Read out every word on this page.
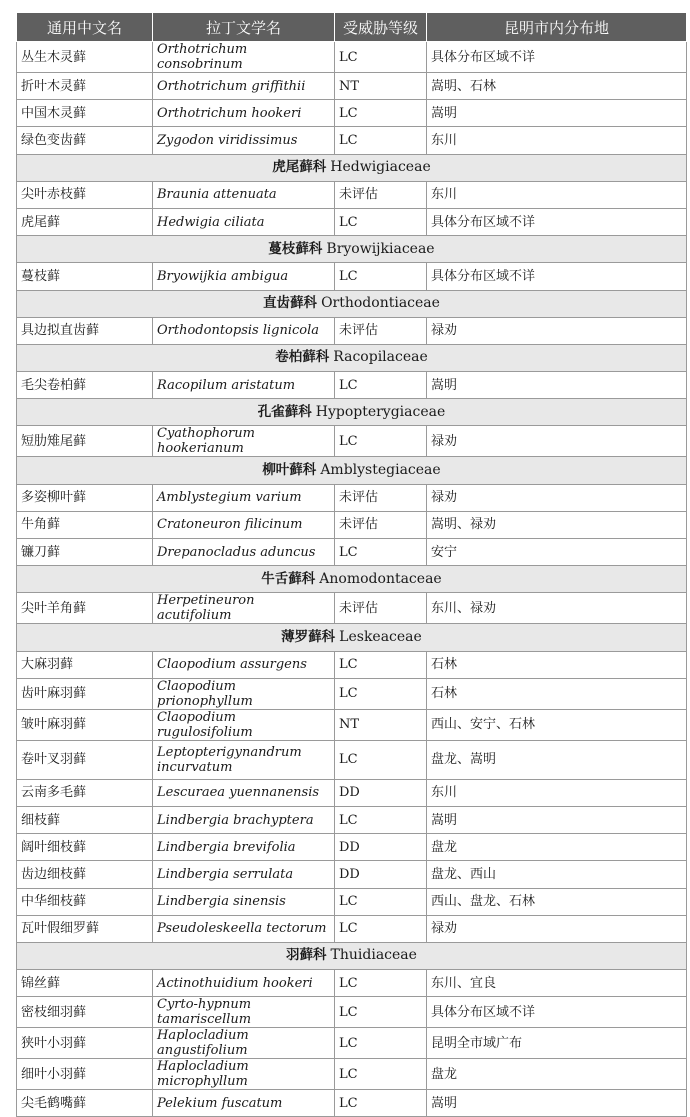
通用中文名	拉丁文学名	受威胁等级	昆明市内分布地
丛生木灵藓	Orthotrichum consobrinum	LC	具体分布区域不详
折叶木灵藓	Orthotrichum griffithii	NT	嵩明、石林
中国木灵藓	Orthotrichum hookeri	LC	嵩明
绿色变齿藓	Zygodon viridissimus	LC	东川
虎尾藓科 Hedwigiaceae			
尖叶赤枝藓	Braunia attenuata	未评估	东川
虎尾藓	Hedwigia ciliata	LC	具体分布区域不详
蔓枝藓科 Bryowijkiaceae			
蔓枝藓	Bryowijkia ambigua	LC	具体分布区域不详
直齿藓科 Orthodontiaceae			
具边拟直齿藓	Orthodontopsis lignicola	未评估	禄劝
卷柏藓科 Racopilaceae			
毛尖卷柏藓	Racopilum aristatum	LC	嵩明
孔雀藓科 Hypopterygiaceae			
短肋雉尾藓	Cyathophorum hookerianum	LC	禄劝
柳叶藓科 Amblystegiaceae			
多姿柳叶藓	Amblystegium varium	未评估	禄劝
牛角藓	Cratoneuron filicinum	未评估	嵩明、禄劝
镰刀藓	Drepanocladus aduncus	LC	安宁
牛舌藓科 Anomodontaceae			
尖叶羊角藓	Herpetineuron acutifolium	未评估	东川、禄劝
薄罗藓科 Leskeaceae			
大麻羽藓	Claopodium assurgens	LC	石林
齿叶麻羽藓	Claopodium prionophyllum	LC	石林
皱叶麻羽藓	Claopodium rugulosifolium	NT	西山、安宁、石林
卷叶叉羽藓	Leptopterigynandrum incurvatum	LC	盘龙、嵩明
云南多毛藓	Lescuraea yuennanensis	DD	东川
细枝藓	Lindbergia brachyptera	LC	嵩明
阔叶细枝藓	Lindbergia brevifolia	DD	盘龙
齿边细枝藓	Lindbergia serrulata	DD	盘龙、西山
中华细枝藓	Lindbergia sinensis	LC	西山、盘龙、石林
瓦叶假细罗藓	Pseudoleskeella tectorum	LC	禄劝
羽藓科 Thuidiaceae			
锦丝藓	Actinothuidium hookeri	LC	东川、宜良
密枝细羽藓	Cyrto-hypnum tamariscellum	LC	具体分布区域不详
狭叶小羽藓	Haplocladium angustifolium	LC	昆明全市域广布
细叶小羽藓	Haplocladium microphyllum	LC	盘龙
尖毛鹤嘴藓	Pelekium fuscatum	LC	嵩明
